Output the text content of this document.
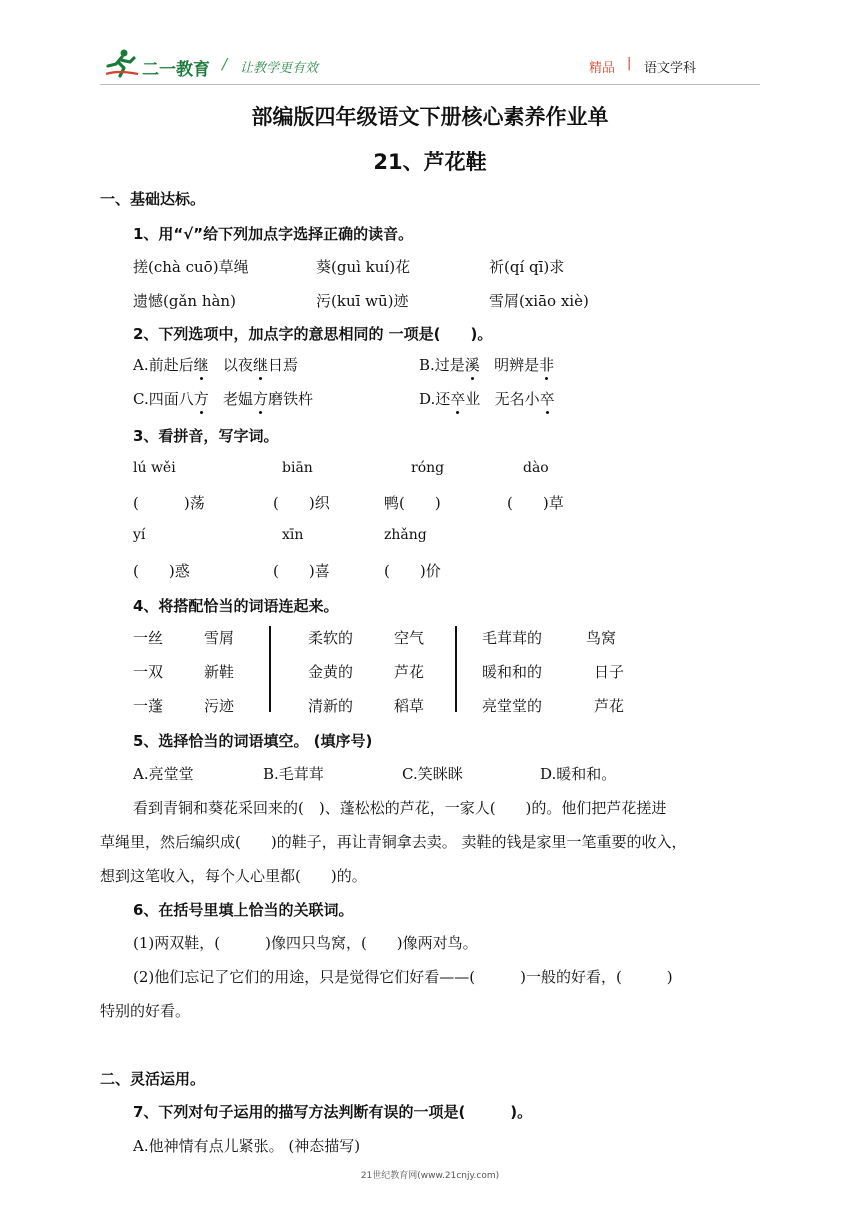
二一教育 / 让教学更有效	精品 | 语文学科
部编版四年级语文下册核心素养作业单
21、芦花鞋
一、基础达标。
1、用“√”给下列加点字选择正确的读音。
搓(chà cuō)草绳	葵(guì kuí)花	祈(qí qī)求
遗憾(gǎn hàn)	污(kuī wū)迹	雪屑(xiāo xiè)
2、下列选项中，加点字的意思相同的 一项是(　　)。
A.前赴后继   以夜继日焉	B.过是溪   明辨是非
C.四面八方   老媪方磨铁杵	D.还卒业   无名小卒
3、看拼音，写字词。
lú wěi	biān	róng	dào
(　　　)荡	(　　)织	鸭(　　)	(　　)草
yí	xīn	zhǎng
(　　)惑	(　　)喜	(　　)价
4、将搭配恰当的词语连起来。
一丝	雪屑
一双	新鞋
一蓬	污迹
柔软的	空气
金黄的	芦花
清新的	稻草
毛茸茸的	鸟窝
暖和和的	日子
亮堂堂的	芦花
5、选择恰当的词语填空。 (填序号)
A.亮堂堂	B.毛茸茸	C.笑眯眯	D.暖和和。
看到青铜和葵花采回来的(　)、蓬松松的芦花，一家人(　　)的。他们把芦花搓进
草绳里，然后编织成(　　)的鞋子，再让青铜拿去卖。 卖鞋的钱是家里一笔重要的收入，
想到这笔收入，每个人心里都(　　)的。
6、在括号里填上恰当的关联词。
(1)两双鞋，(　　　)像四只鸟窝，(　　)像两对鸟。
(2)他们忘记了它们的用途，只是觉得它们好看——(　　　)一般的好看，(　　　)
特别的好看。
二、灵活运用。
7、下列对句子运用的描写方法判断有误的一项是(　　　)。
A.他神情有点儿紧张。 (神态描写)
21世纪教育网(www.21cnjy.com)
